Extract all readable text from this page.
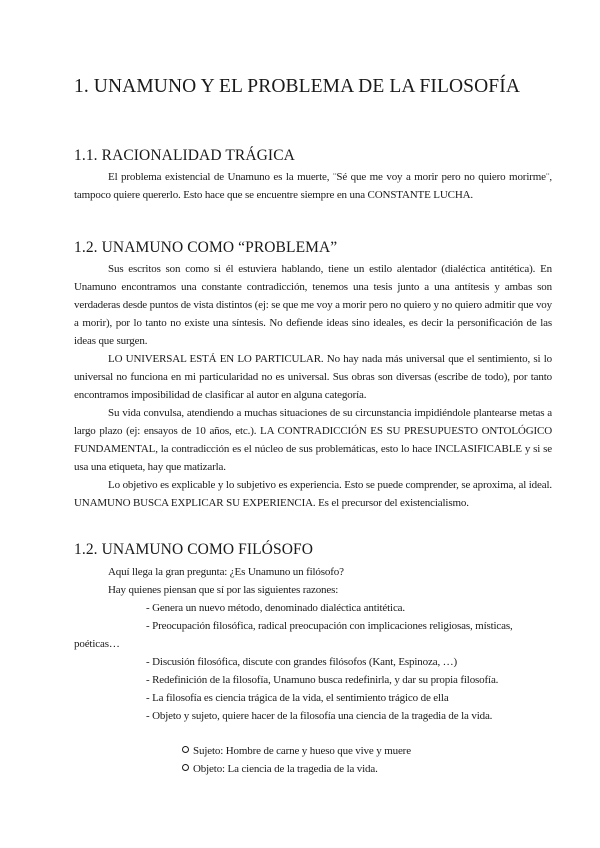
1. UNAMUNO Y EL PROBLEMA DE LA FILOSOFÍA
1.1. RACIONALIDAD TRÁGICA

El problema existencial de Unamuno es la muerte, ¨Sé que me voy a morir pero no quiero morirme¨, tampoco quiere quererlo. Esto hace que se encuentre siempre en una CONSTANTE LUCHA.

1.2. UNAMUNO COMO “PROBLEMA”

Sus escritos son como si él estuviera hablando, tiene un estilo alentador (dialéctica antitética). En Unamuno encontramos una constante contradicción, tenemos una tesis junto a una antítesis y ambas son verdaderas desde puntos de vista distintos (ej: se que me voy a morir pero no quiero y no quiero admitir que voy a morir), por lo tanto no existe una síntesis. No defiende ideas sino ideales, es decir la personificación de las ideas que surgen.

LO UNIVERSAL ESTÁ EN LO PARTICULAR. No hay nada más universal que el sentimiento, si lo universal no funciona en mi particularidad no es universal. Sus obras son diversas (escribe de todo), por tanto encontramos imposibilidad de clasificar al autor en alguna categoría.

Su vida convulsa, atendiendo a muchas situaciones de su circunstancia impidiéndole plantearse metas a largo plazo (ej: ensayos de 10 años, etc.). LA CONTRADICCIÓN ES SU PRESUPUESTO ONTOLÓGICO FUNDAMENTAL, la contradicción es el núcleo de sus problemáticas, esto lo hace INCLASIFICABLE y si se usa una etiqueta, hay que matizarla.

Lo objetivo es explicable y lo subjetivo es experiencia. Esto se puede comprender, se aproxima, al ideal. UNAMUNO BUSCA EXPLICAR SU EXPERIENCIA. Es el precursor del existencialismo.

1.2. UNAMUNO COMO FILÓSOFO

Aquí llega la gran pregunta: ¿Es Unamuno un filósofo?

Hay quienes piensan que sí por las siguientes razones:

- Genera un nuevo método, denominado dialéctica antitética.

- Preocupación filosófica, radical preocupación con implicaciones religiosas, místicas, poéticas…

- Discusión filosófica, discute con grandes filósofos (Kant, Espinoza, …)

- Redefinición de la filosofía, Unamuno busca redefinirla, y dar su propia filosofía.

- La filosofía es ciencia trágica de la vida, el sentimiento trágico de ella

- Objeto y sujeto, quiere hacer de la filosofía una ciencia de la tragedia de la vida.

Sujeto: Hombre de carne y hueso que vive y muere

Objeto: La ciencia de la tragedia de la vida.
